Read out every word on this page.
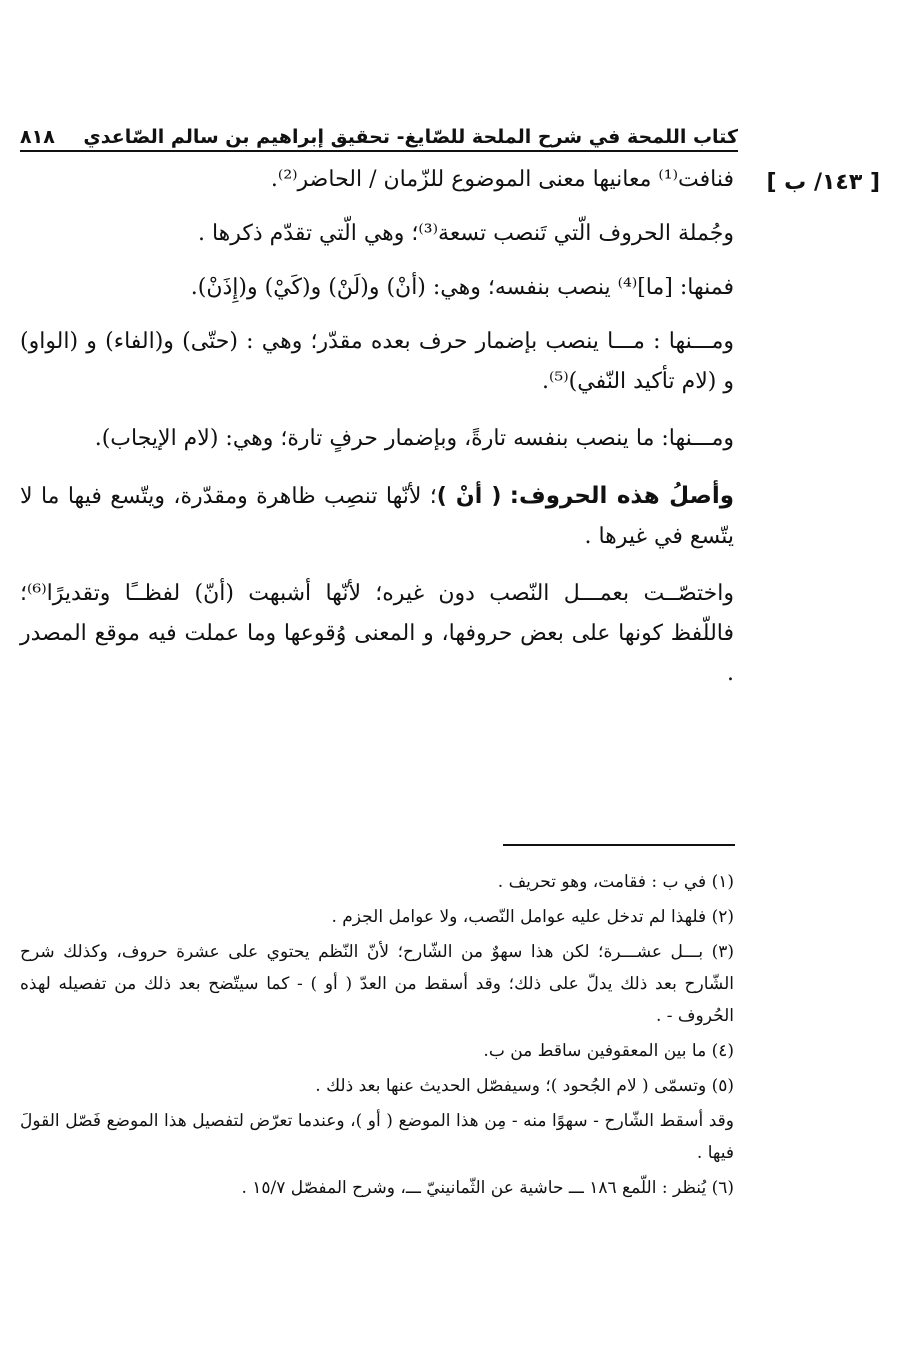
كتاب اللمحة في شرح الملحة للصّايغ- تحقيق إبراهيم بن سالم الصّاعدي
٨١٨
[ ١٤٣/ ب ]

فنافت⁽¹⁾ معانيها معنى الموضوع للزّمان / الحاضر⁽²⁾.

وجُملة الحروف الّتي تَنصب تسعة⁽³⁾؛ وهي الّتي تقدّم ذكرها .

فمنها: [ما]⁽⁴⁾ ينصب بنفسه؛ وهي: (أنْ) و(لَنْ) و(كَيْ) و(إِذَنْ).

ومـــنها : مـــا ينصب بإضمار حرف بعده مقدّر؛ وهي : (حتّى) و(الفاء) و (الواو) و (لام تأكيد النّفي)⁽⁵⁾.

ومـــنها: ما ينصب بنفسه تارةً، وبإضمار حرفٍ تارة؛ وهي: (لام الإيجاب).

وأصلُ هذه الحروف: ( أنْ )؛ لأنّها تنصِب ظاهرة ومقدّرة، ويتّسع فيها ما لا يتّسع في غيرها .

واختصّــت بعمـــل النّصب دون غيره؛ لأنّها أشبهت (أنّ) لفظــًا وتقديرًا⁽⁶⁾؛ فاللّفظ كونها على بعض حروفها، و المعنى وُقوعها وما عملت فيه موقع المصدر .

(١) في ب : فقامت، وهو تحريف .

(٢) فلهذا لم تدخل عليه عوامل النّصب، ولا عوامل الجزم .

(٣) بـــل عشـــرة؛ لكن هذا سهوٌ من الشّارح؛ لأنّ النّظم يحتوي على عشرة حروف، وكذلك شرح الشّارح بعد ذلك يدلّ على ذلك؛ وقد أسقط من العدّ ( أو ) - كما سيتّضح بعد ذلك من تفصيله لهذه الحُروف - .

(٤) ما بين المعقوفين ساقط من ب.

(٥) وتسمّى ( لام الجُحود )؛ وسيفصّل الحديث عنها بعد ذلك .

وقد أسقط الشّارح - سهوًا منه - مِن هذا الموضع ( أو )، وعندما تعرّض لتفصيل هذا الموضع فَصّل القولَ فيها .

(٦) يُنظر : اللّمع ١٨٦ ـــ حاشية عن الثّمانينيّ ـــ، وشرح المفصّل ١٥/٧ .
